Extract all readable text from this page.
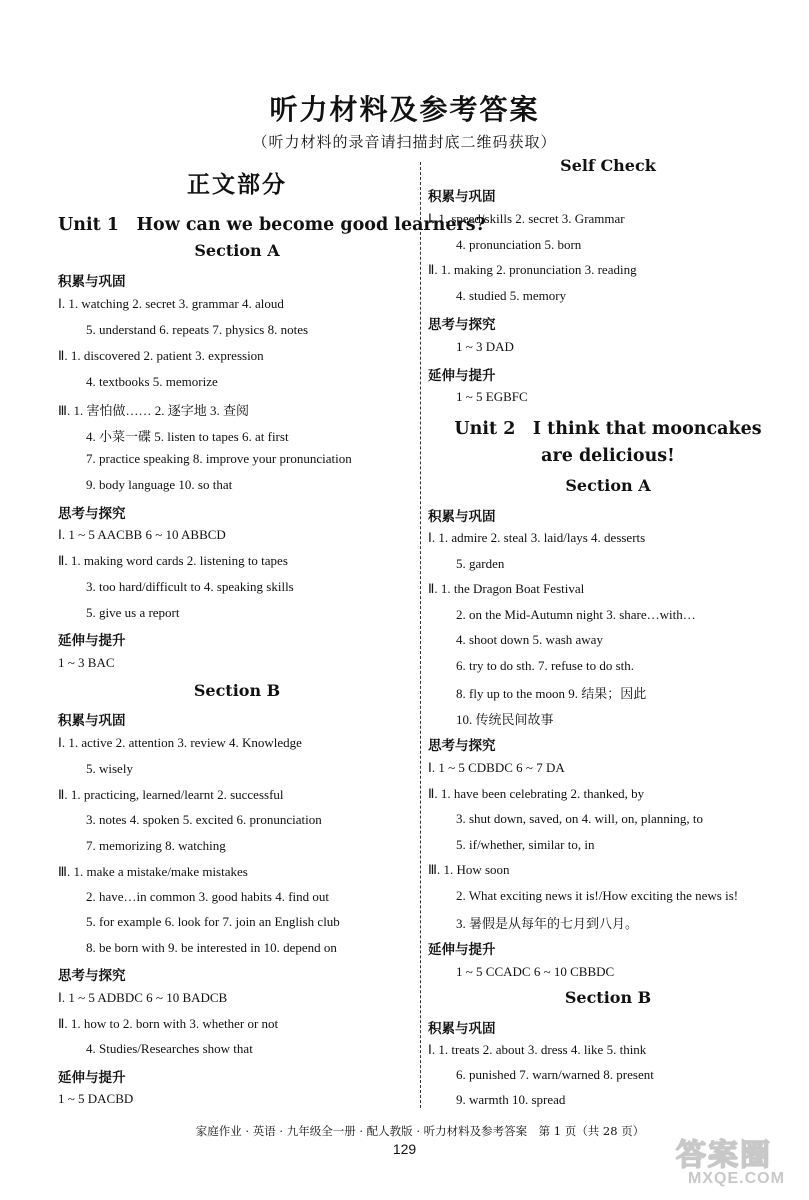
听力材料及参考答案
（听力材料的录音请扫描封底二维码获取）
正文部分
Unit 1　How can we become good learners?
Section A
积累与巩固
Ⅰ. 1. watching 2. secret 3. grammar 4. aloud
5. understand 6. repeats 7. physics 8. notes
Ⅱ. 1. discovered 2. patient 3. expression
4. textbooks 5. memorize
Ⅲ. 1. 害怕做…… 2. 逐字地 3. 查阅
4. 小菜一碟 5. listen to tapes 6. at first
7. practice speaking 8. improve your pronunciation
9. body language 10. so that
思考与探究
Ⅰ. 1 ~ 5 AACBB 6 ~ 10 ABBCD
Ⅱ. 1. making word cards 2. listening to tapes
3. too hard/difficult to 4. speaking skills
5. give us a report
延伸与提升
1 ~ 3 BAC
Section B
积累与巩固
Ⅰ. 1. active 2. attention 3. review 4. Knowledge
5. wisely
Ⅱ. 1. practicing, learned/learnt 2. successful
3. notes 4. spoken 5. excited 6. pronunciation
7. memorizing 8. watching
Ⅲ. 1. make a mistake/make mistakes
2. have…in common 3. good habits 4. find out
5. for example 6. look for 7. join an English club
8. be born with 9. be interested in 10. depend on
思考与探究
Ⅰ. 1 ~ 5 ADBDC 6 ~ 10 BADCB
Ⅱ. 1. how to 2. born with 3. whether or not
4. Studies/Researches show that
延伸与提升
1 ~ 5 DACBD
Self Check
积累与巩固
Ⅰ. 1. speed/skills 2. secret 3. Grammar
4. pronunciation 5. born
Ⅱ. 1. making 2. pronunciation 3. reading
4. studied 5. memory
思考与探究
1 ~ 3 DAD
延伸与提升
1 ~ 5 EGBFC
Unit 2　I think that mooncakes
are delicious!
Section A
积累与巩固
Ⅰ. 1. admire 2. steal 3. laid/lays 4. desserts
5. garden
Ⅱ. 1. the Dragon Boat Festival
2. on the Mid-Autumn night 3. share…with…
4. shoot down 5. wash away
6. try to do sth. 7. refuse to do sth.
8. fly up to the moon 9. 结果；因此
10. 传统民间故事
思考与探究
Ⅰ. 1 ~ 5 CDBDC 6 ~ 7 DA
Ⅱ. 1. have been celebrating 2. thanked, by
3. shut down, saved, on 4. will, on, planning, to
5. if/whether, similar to, in
Ⅲ. 1. How soon
2. What exciting news it is!/How exciting the news is!
3. 暑假是从每年的七月到八月。
延伸与提升
1 ~ 5 CCADC 6 ~ 10 CBBDC
Section B
积累与巩固
Ⅰ. 1. treats 2. about 3. dress 4. like 5. think
6. punished 7. warn/warned 8. present
9. warmth 10. spread
家庭作业 · 英语 · 九年级全一册 · 配人教版 · 听力材料及参考答案　第 1 页（共 28 页）
129	答案圈
MXQE.COM
